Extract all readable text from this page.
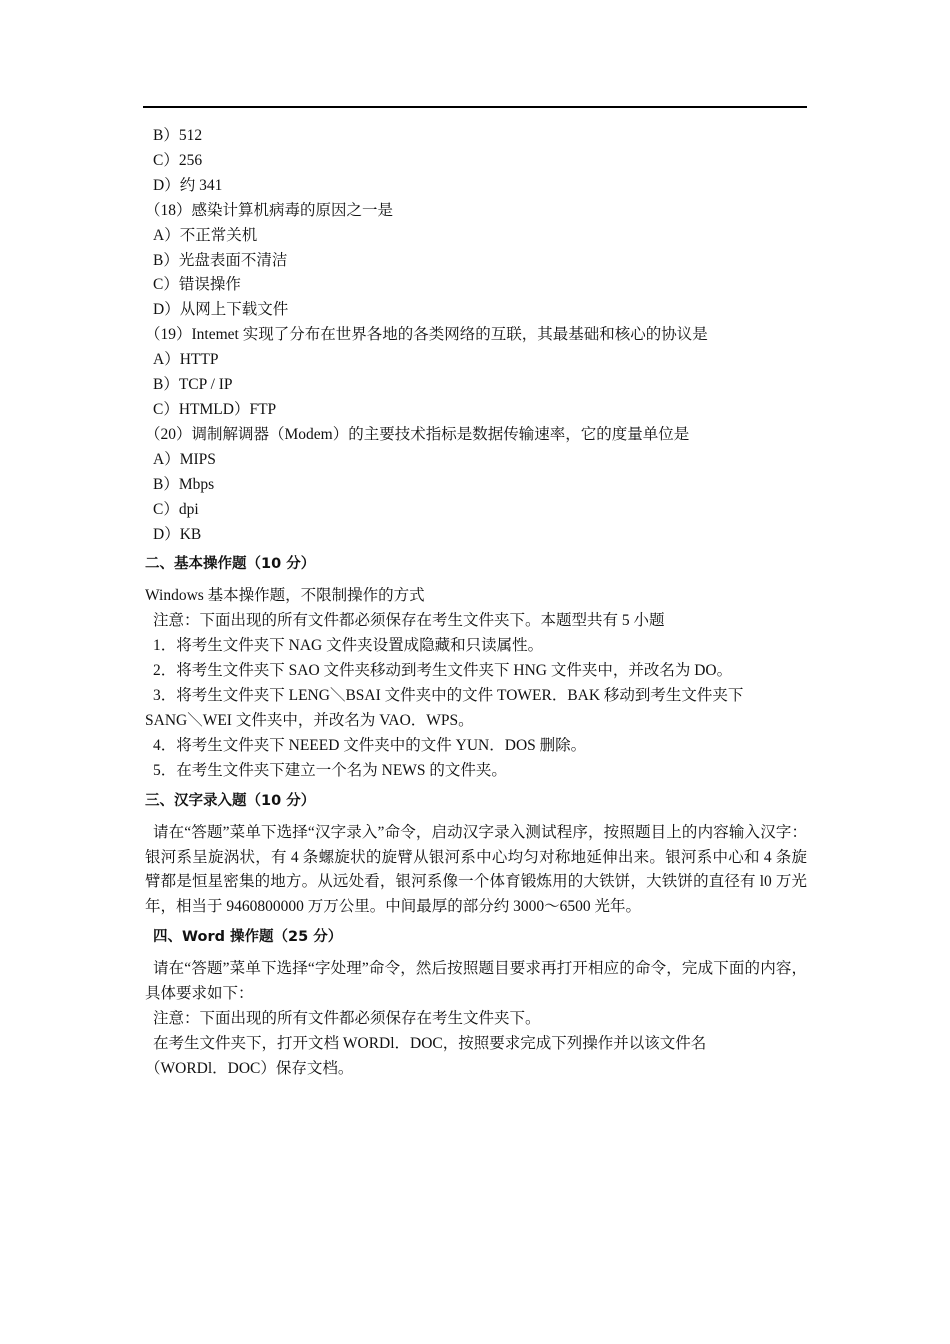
B）512
C）256
D）约 341
（18）感染计算机病毒的原因之一是
A）不正常关机
B）光盘表面不清洁
C）错误操作
D）从网上下载文件
（19）Intemet 实现了分布在世界各地的各类网络的互联，其最基础和核心的协议是
A）HTTP
B）TCP / IP
C）HTMLD）FTP
（20）调制解调器（Modem）的主要技术指标是数据传输速率，它的度量单位是
A）MIPS
B）Mbps
C）dpi
D）KB
二、基本操作题（10 分）
Windows 基本操作题，不限制操作的方式
注意：下面出现的所有文件都必须保存在考生文件夹下。本题型共有 5 小题
1．将考生文件夹下 NAG 文件夹设置成隐藏和只读属性。
2．将考生文件夹下 SAO 文件夹移动到考生文件夹下 HNG 文件夹中，并改名为 DO。
3．将考生文件夹下 LENG＼BSAI 文件夹中的文件 TOWER．BAK 移动到考生文件夹下
SANG＼WEI 文件夹中，并改名为 VAO．WPS。
4．将考生文件夹下 NEEED 文件夹中的文件 YUN．DOS 删除。
5．在考生文件夹下建立一个名为 NEWS 的文件夹。
三、汉字录入题（10 分）
请在“答题”菜单下选择“汉字录入”命令，启动汉字录入测试程序，按照题目上的内容输入汉字：银河系呈旋涡状，有 4 条螺旋状的旋臂从银河系中心均匀对称地延伸出来。银河系中心和 4 条旋臂都是恒星密集的地方。从远处看，银河系像一个体育锻炼用的大铁饼，大铁饼的直径有 l0 万光年，相当于 9460800000 万万公里。中间最厚的部分约 3000～6500 光年。
四、Word 操作题（25 分）
请在“答题”菜单下选择“字处理”命令，然后按照题目要求再打开相应的命令，完成下面的内容，具体要求如下：
注意：下面出现的所有文件都必须保存在考生文件夹下。
在考生文件夹下，打开文档 WORDl．DOC，按照要求完成下列操作并以该文件名
（WORDl．DOC）保存文档。
